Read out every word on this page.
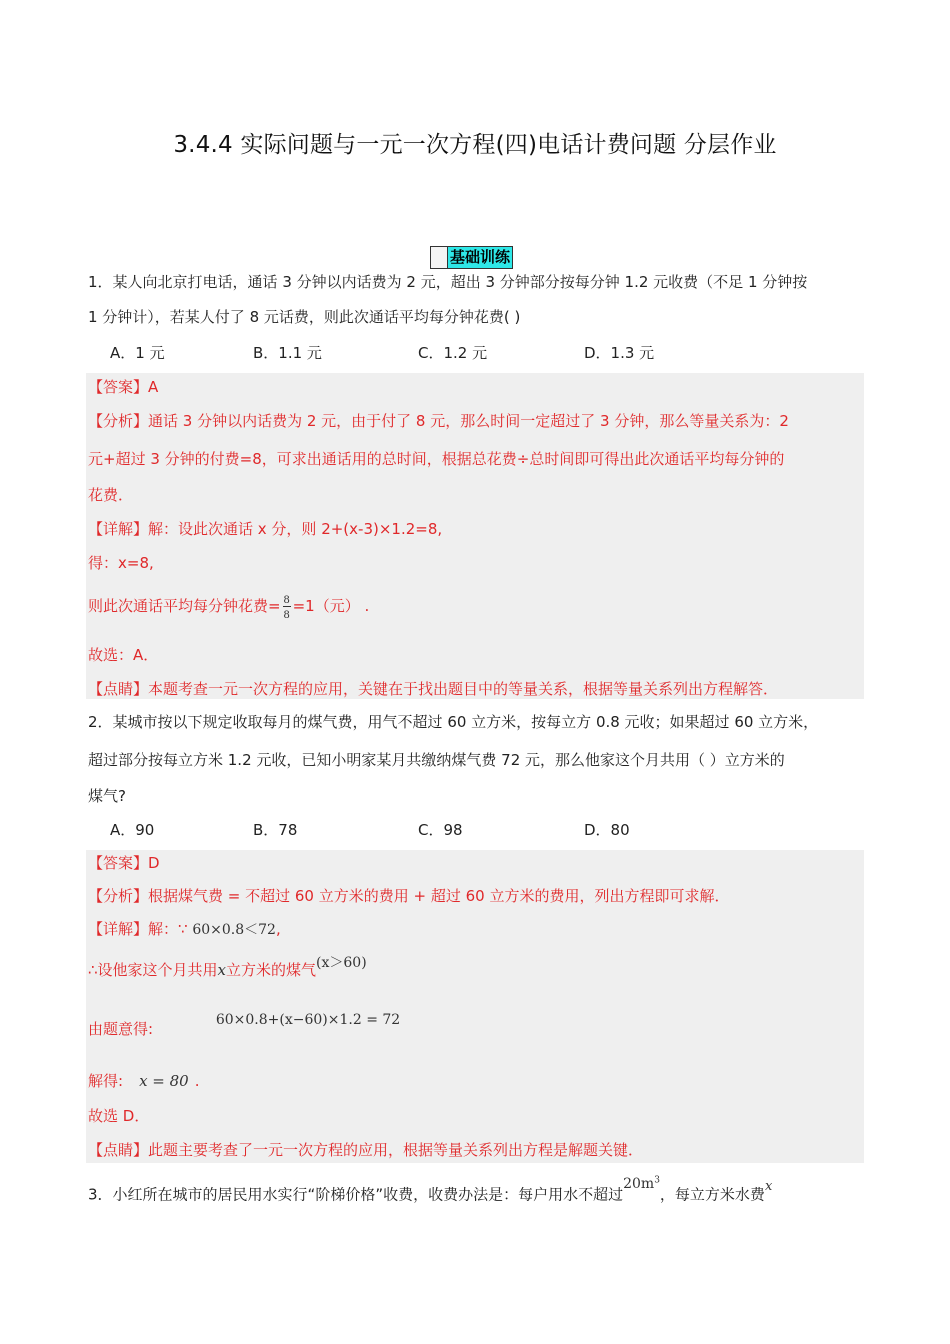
3.4.4 实际问题与一元一次方程(四)电话计费问题 分层作业
基础训练
1．某人向北京打电话，通话 3 分钟以内话费为 2 元，超出 3 分钟部分按每分钟 1.2 元收费（不足 1 分钟按
1 分钟计），若某人付了 8 元话费，则此次通话平均每分钟花费( )
A．1 元	B．1.1 元	C．1.2 元	D．1.3 元
【答案】A
【分析】通话 3 分钟以内话费为 2 元，由于付了 8 元，那么时间一定超过了 3 分钟，那么等量关系为：2
元+超过 3 分钟的付费=8，可求出通话用的总时间，根据总花费÷总时间即可得出此次通话平均每分钟的
花费．
【详解】解：设此次通话 x 分，则 2+(x-3)×1.2=8,
得：x=8,
则此次通话平均每分钟花费= $\frac{8}{8} =1$（元） .
故选：A．
【点睛】本题考查一元一次方程的应用，关键在于找出题目中的等量关系，根据等量关系列出方程解答．
2．某城市按以下规定收取每月的煤气费，用气不超过 60 立方米，按每立方 0.8 元收；如果超过 60 立方米，
超过部分按每立方米 1.2 元收，已知小明家某月共缴纳煤气费 72 元，那么他家这个月共用（ ）立方米的
煤气?
A．90	B．78	C．98	D．80
【答案】D
【分析】根据煤气费 = 不超过 60 立方米的费用 + 超过 60 立方米的费用，列出方程即可求解．
【详解】解：∵ 60×0.8＜72,
∴设他家这个月共用x立方米的煤气(x＞60)
由题意得:	60×0.8+(x−60)×1.2 = 72
解得: x = 80 .
故选 D．
【点睛】此题主要考查了一元一次方程的应用，根据等量关系列出方程是解题关键．
3．小红所在城市的居民用水实行“阶梯价格”收费，收费办法是：每户用水不超过$20m^3$，每立方米水费x
